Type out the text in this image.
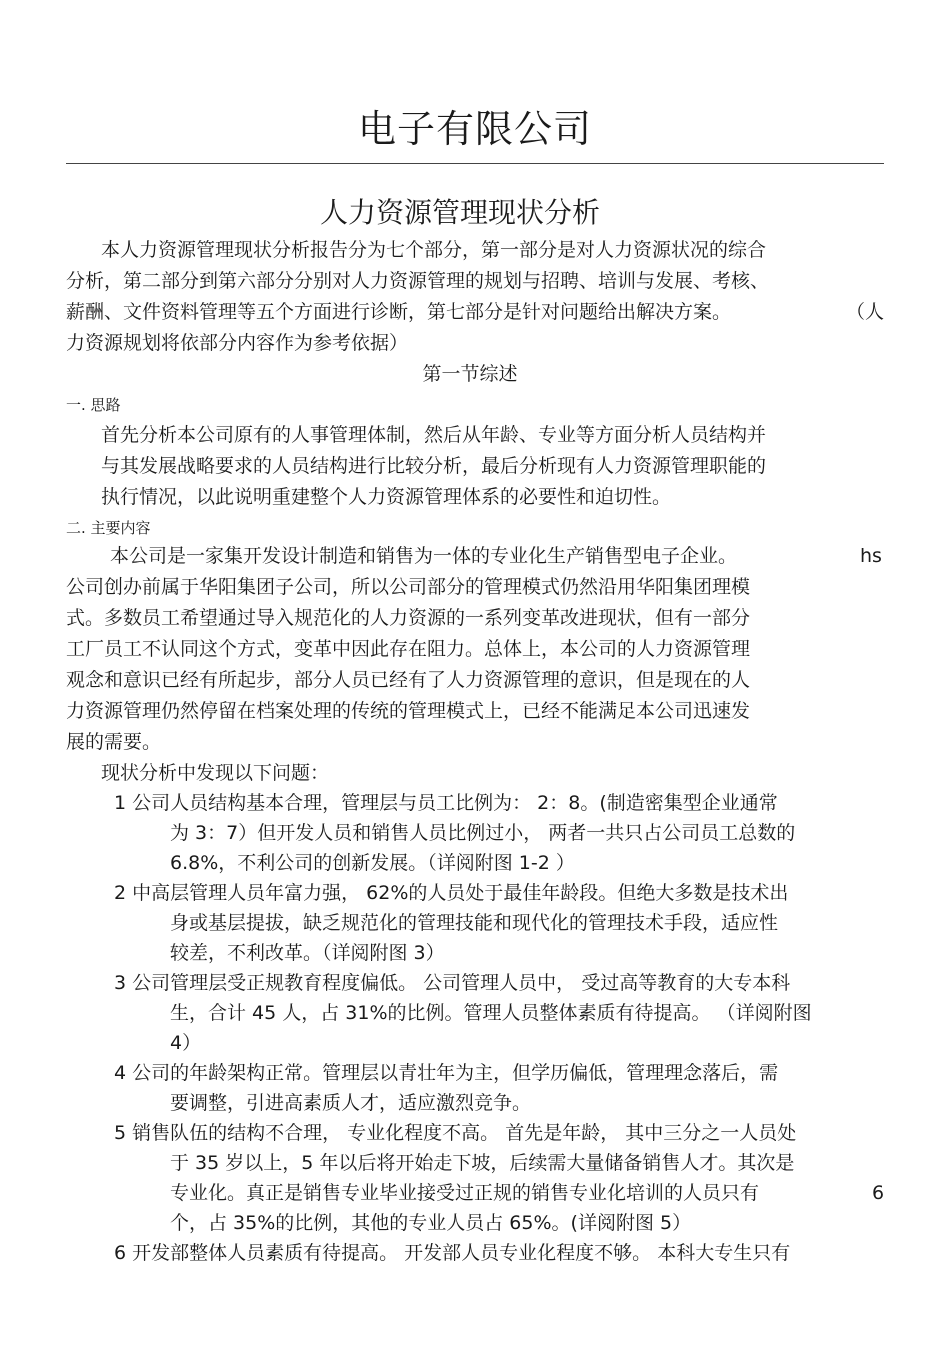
电子有限公司
人力资源管理现状分析
本人力资源管理现状分析报告分为七个部分，第一部分是对人力资源状况的综合
分析，第二部分到第六部分分别对人力资源管理的规划与招聘、培训与发展、考核、
薪酬、文件资料管理等五个方面进行诊断，第七部分是针对问题给出解决方案。	（人
力资源规划将依部分内容作为参考依据）
第一节综述
一. 思路
首先分析本公司原有的人事管理体制，然后从年龄、专业等方面分析人员结构并
与其发展战略要求的人员结构进行比较分析，最后分析现有人力资源管理职能的
执行情况，以此说明重建整个人力资源管理体系的必要性和迫切性。
二. 主要内容
本公司是一家集开发设计制造和销售为一体的专业化生产销售型电子企业。	hs
公司创办前属于华阳集团子公司，所以公司部分的管理模式仍然沿用华阳集团理模
式。多数员工希望通过导入规范化的人力资源的一系列变革改进现状，但有一部分
工厂员工不认同这个方式，变革中因此存在阻力。总体上，本公司的人力资源管理
观念和意识已经有所起步，部分人员已经有了人力资源管理的意识，但是现在的人
力资源管理仍然停留在档案处理的传统的管理模式上，已经不能满足本公司迅速发
展的需要。
现状分析中发现以下问题：
1 公司人员结构基本合理，管理层与员工比例为： 2：8。(制造密集型企业通常
为 3：7）但开发人员和销售人员比例过小， 两者一共只占公司员工总数的
6.8%，不利公司的创新发展。（详阅附图 1-2 ）
2 中高层管理人员年富力强， 62%的人员处于最佳年龄段。但绝大多数是技术出
身或基层提拔，缺乏规范化的管理技能和现代化的管理技术手段，适应性
较差，不利改革。（详阅附图 3）
3 公司管理层受正规教育程度偏低。 公司管理人员中， 受过高等教育的大专本科
生，合计 45 人，占 31%的比例。管理人员整体素质有待提高。 （详阅附图
4）
4 公司的年龄架构正常。管理层以青壮年为主，但学历偏低，管理理念落后，需
要调整，引进高素质人才，适应激烈竞争。
5 销售队伍的结构不合理， 专业化程度不高。 首先是年龄， 其中三分之一人员处
于 35 岁以上，5 年以后将开始走下坡，后续需大量储备销售人才。其次是
专业化。真正是销售专业毕业接受过正规的销售专业化培训的人员只有	6
个，占 35%的比例，其他的专业人员占 65%。(详阅附图 5）
6 开发部整体人员素质有待提高。 开发部人员专业化程度不够。 本科大专生只有
